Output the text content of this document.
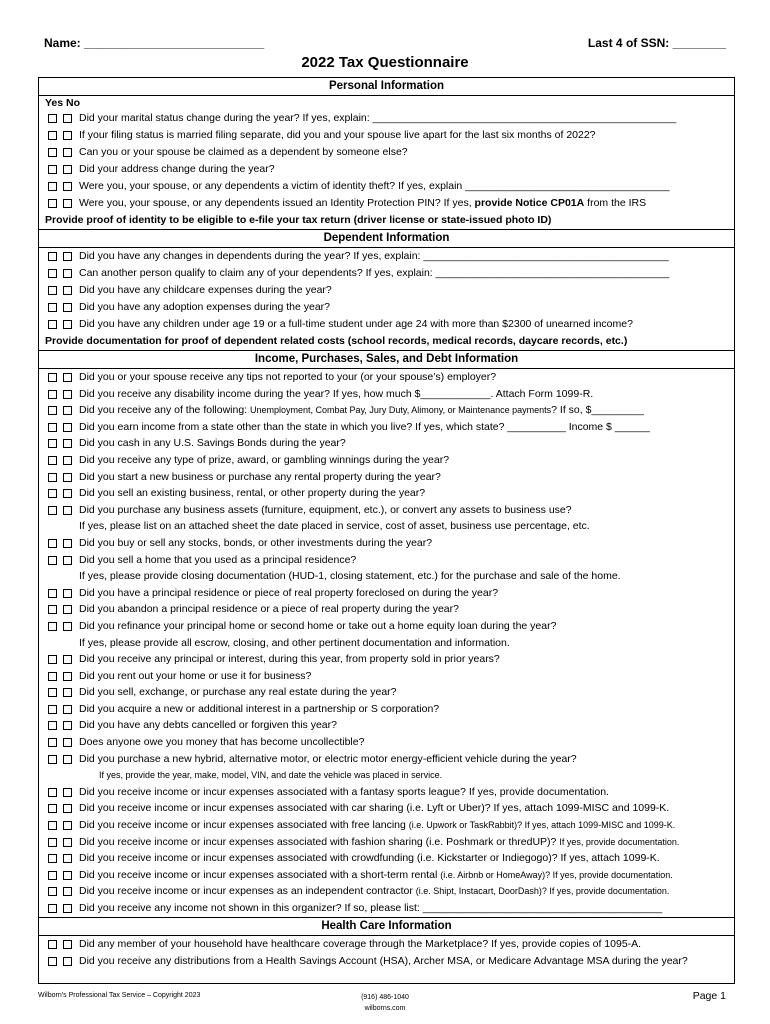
Name: ___________________________	Last 4 of SSN: ________
2022 Tax Questionnaire
Personal Information
Yes No
Did your marital status change during the year? If yes, explain: ____________________________________________________
If your filing status is married filing separate, did you and your spouse live apart for the last six months of 2022?
Can you or your spouse be claimed as a dependent by someone else?
Did your address change during the year?
Were you, your spouse, or any dependents a victim of identity theft? If yes, explain ___________________________________
Were you, your spouse, or any dependents issued an Identity Protection PIN? If yes, provide Notice CP01A from the IRS
Provide proof of identity to be eligible to e-file your tax return (driver license or state-issued photo ID)
Dependent Information
Did you have any changes in dependents during the year? If yes, explain: __________________________________________
Can another person qualify to claim any of your dependents? If yes, explain: ________________________________________
Did you have any childcare expenses during the year?
Did you have any adoption expenses during the year?
Did you have any children under age 19 or a full-time student under age 24 with more than $2300 of unearned income?
Provide documentation for proof of dependent related costs (school records, medical records, daycare records, etc.)
Income, Purchases, Sales, and Debt Information
Did you or your spouse receive any tips not reported to your (or your spouse’s) employer?
Did you receive any disability income during the year? If yes, how much $____________. Attach Form 1099-R.
Did you receive any of the following: Unemployment, Combat Pay, Jury Duty, Alimony, or Maintenance payments? If so, $_________
Did you earn income from a state other than the state in which you live? If yes, which state? __________ Income $ ______
Did you cash in any U.S. Savings Bonds during the year?
Did you receive any type of prize, award, or gambling winnings during the year?
Did you start a new business or purchase any rental property during the year?
Did you sell an existing business, rental, or other property during the year?
Did you purchase any business assets (furniture, equipment, etc.), or convert any assets to business use?
If yes, please list on an attached sheet the date placed in service, cost of asset, business use percentage, etc.
Did you buy or sell any stocks, bonds, or other investments during the year?
Did you sell a home that you used as a principal residence?
If yes, please provide closing documentation (HUD-1, closing statement, etc.) for the purchase and sale of the home.
Did you have a principal residence or piece of real property foreclosed on during the year?
Did you abandon a principal residence or a piece of real property during the year?
Did you refinance your principal home or second home or take out a home equity loan during the year?
If yes, please provide all escrow, closing, and other pertinent documentation and information.
Did you receive any principal or interest, during this year, from property sold in prior years?
Did you rent out your home or use it for business?
Did you sell, exchange, or purchase any real estate during the year?
Did you acquire a new or additional interest in a partnership or S corporation?
Did you have any debts cancelled or forgiven this year?
Does anyone owe you money that has become uncollectible?
Did you purchase a new hybrid, alternative motor, or electric motor energy-efficient vehicle during the year?
If yes, provide the year, make, model, VIN, and date the vehicle was placed in service.
Did you receive income or incur expenses associated with a fantasy sports league? If yes, provide documentation.
Did you receive income or incur expenses associated with car sharing (i.e. Lyft or Uber)? If yes, attach 1099-MISC and 1099-K.
Did you receive income or incur expenses associated with free lancing (i.e. Upwork or TaskRabbit)? If yes, attach 1099-MISC and 1099-K.
Did you receive income or incur expenses associated with fashion sharing (i.e. Poshmark or thredUP)? If yes, provide documentation.
Did you receive income or incur expenses associated with crowdfunding (i.e. Kickstarter or Indiegogo)? If yes, attach 1099-K.
Did you receive income or incur expenses associated with a short-term rental (i.e. Airbnb or HomeAway)? If yes, provide documentation.
Did you receive income or incur expenses as an independent contractor (i.e. Shipt, Instacart, DoorDash)? If yes, provide documentation.
Did you receive any income not shown in this organizer? If so, please list: _________________________________________
Health Care Information
Did any member of your household have healthcare coverage through the Marketplace? If yes, provide copies of 1095-A.
Did you receive any distributions from a Health Savings Account (HSA), Archer MSA, or Medicare Advantage MSA during the year?
Wilborn’s Professional Tax Service – Copyright 2023	(916) 486-1040
wilborns.com
Page 1
